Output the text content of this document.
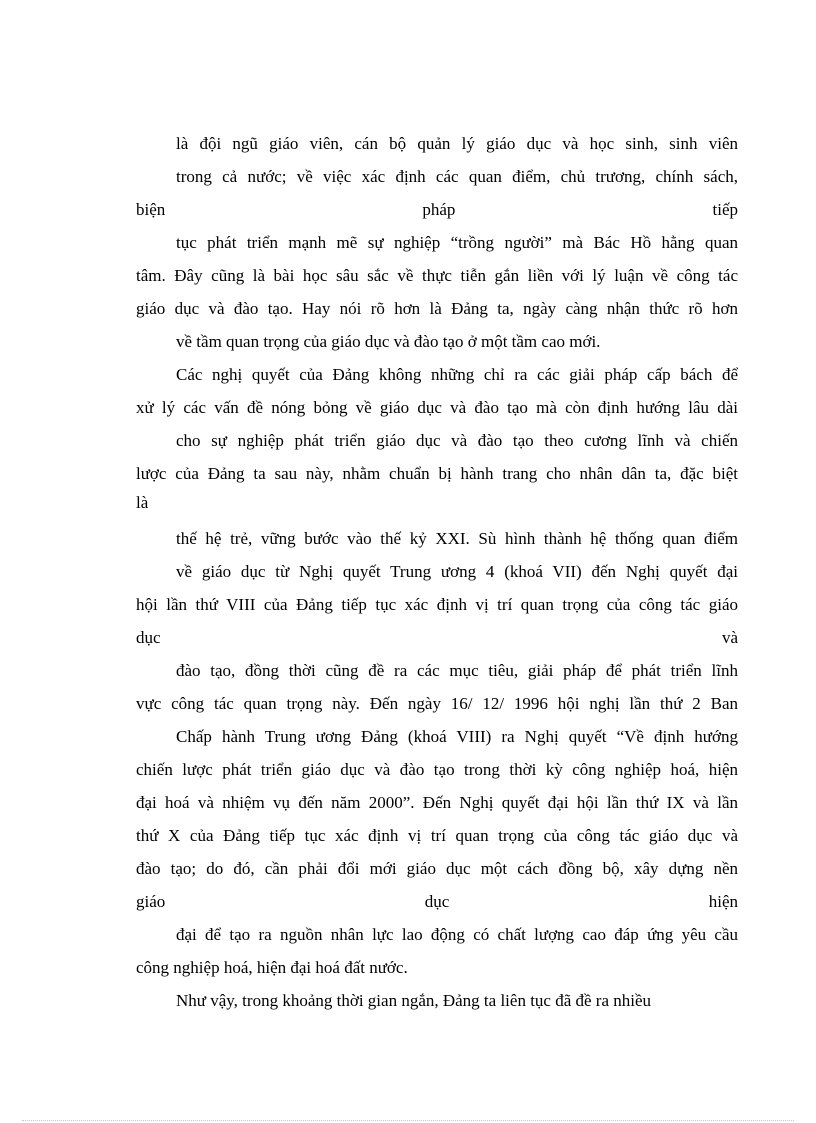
là đội ngũ giáo viên, cán bộ quản lý giáo dục và học sinh, sinh viên
trong cả nước; về việc xác định các quan điểm, chủ trương, chính sách,
biện pháp tiếp
tục phát triển mạnh mẽ sự nghiệp “trồng người” mà Bác Hồ hằng quan
tâm. Đây cũng là bài học sâu sắc về thực tiễn gắn liền với lý luận về công tác
giáo dục và đào tạo. Hay nói rõ hơn là Đảng ta, ngày càng nhận thức rõ hơn
về tầm quan trọng của giáo dục và đào tạo ở một tầm cao mới.
Các nghị quyết của Đảng không những chỉ ra các giải pháp cấp bách để
xử lý các vấn đề nóng bỏng về giáo dục và đào tạo mà còn định hướng lâu dài
cho sự nghiệp phát triển giáo dục và đào tạo theo cương lĩnh và chiến
lược của Đảng ta sau này, nhằm chuẩn bị hành trang cho nhân dân ta, đặc biệt
là
thế hệ trẻ, vững bước vào thế kỷ XXI. Sù hình thành hệ thống quan điểm
về giáo dục từ Nghị quyết Trung ương 4 (khoá VII) đến Nghị quyết đại
hội lần thứ VIII của Đảng tiếp tục xác định vị trí quan trọng của công tác giáo
dục và
đào tạo, đồng thời cũng đề ra các mục tiêu, giải pháp để phát triển lĩnh
vực công tác quan trọng này. Đến ngày 16/ 12/ 1996 hội nghị lần thứ 2 Ban
Chấp hành Trung ương Đảng (khoá VIII) ra Nghị quyết “Về định hướng
chiến lược phát triển giáo dục và đào tạo trong thời kỳ công nghiệp hoá, hiện
đại hoá và nhiệm vụ đến năm 2000”. Đến Nghị quyết đại hội lần thứ IX và lần
thứ X của Đảng tiếp tục xác định vị trí quan trọng của công tác giáo dục và
đào tạo; do đó, cần phải đổi mới giáo dục một cách đồng bộ, xây dựng nền
giáo dục hiện
đại để tạo ra nguồn nhân lực lao động có chất lượng cao đáp ứng yêu cầu
công nghiệp hoá, hiện đại hoá đất nước.
Như vậy, trong khoảng thời gian ngắn, Đảng ta liên tục đã đề ra nhiều
